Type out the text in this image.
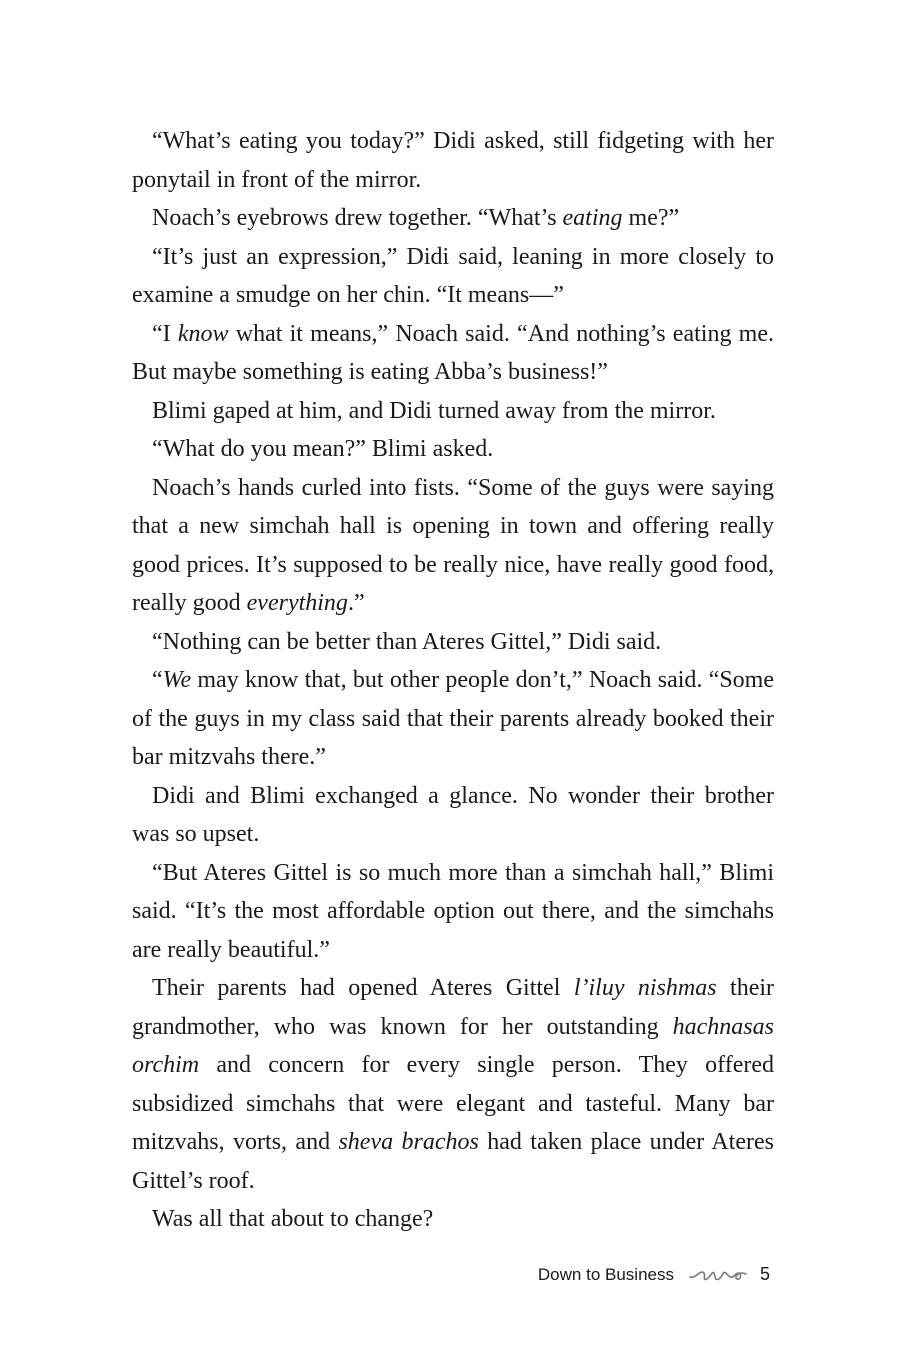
“What’s eating you today?” Didi asked, still fidgeting with her ponytail in front of the mirror.

Noach’s eyebrows drew together. “What’s eating me?”

“It’s just an expression,” Didi said, leaning in more closely to examine a smudge on her chin. “It means—”

“I know what it means,” Noach said. “And nothing’s eating me. But maybe something is eating Abba’s business!”

Blimi gaped at him, and Didi turned away from the mirror.

“What do you mean?” Blimi asked.

Noach’s hands curled into fists. “Some of the guys were saying that a new simchah hall is opening in town and offering really good prices. It’s supposed to be really nice, have really good food, really good everything.”

“Nothing can be better than Ateres Gittel,” Didi said.

“We may know that, but other people don’t,” Noach said. “Some of the guys in my class said that their parents already booked their bar mitzvahs there.”

Didi and Blimi exchanged a glance. No wonder their brother was so upset.

“But Ateres Gittel is so much more than a simchah hall,” Blimi said. “It’s the most affordable option out there, and the simchahs are really beautiful.”

Their parents had opened Ateres Gittel l’iluy nishmas their grandmother, who was known for her outstanding hachnasas orchim and concern for every single person. They offered subsidized simchahs that were elegant and tasteful. Many bar mitzvahs, vorts, and sheva brachos had taken place under Ateres Gittel’s roof.

Was all that about to change?

Down to Business	5
